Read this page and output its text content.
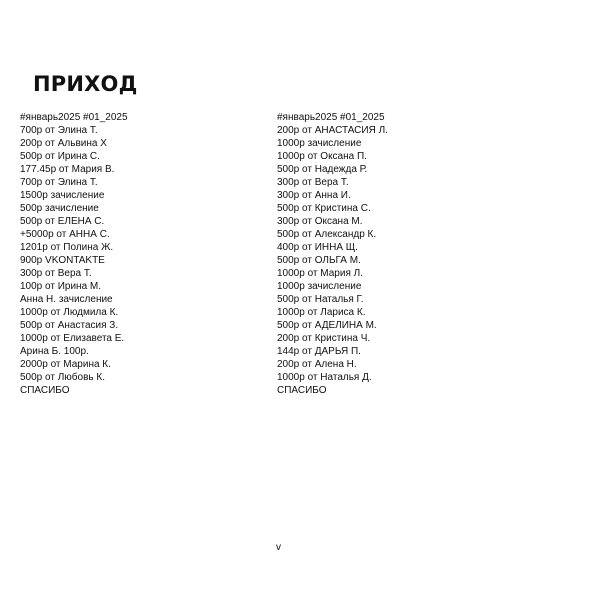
ПРИХОД
#январь2025 #01_2025
700р от Элина Т.
200р от Альвина Х
500р от Ирина С.
177.45р от Мария В.
700р от Элина Т.
1500р зачисление
500р зачисление
500р от ЕЛЕНА С.
+5000р от АННА С.
1201р от Полина Ж.
900р VKONTAKTE
300р от Вера Т.
100р от Ирина М.
Анна Н. зачисление
1000р от Людмила К.
500р от Анастасия З.
1000р от Елизавета Е.
Арина Б. 100р.
2000р от Марина К.
500р от Любовь К.
СПАСИБО
#январь2025 #01_2025
200р от АНАСТАСИЯ Л.
1000р зачисление
1000р от Оксана П.
500р от Надежда Р.
300р от Вера Т.
300р от Анна И.
500р от Кристина С.
300р от Оксана М.
500р от Александр К.
400р от ИННА Щ.
500р от ОЛЬГА М.
1000р от Мария Л.
1000р зачисление
500р от Наталья Г.
1000р от Лариса К.
500р от АДЕЛИНА М.
200р от Кристина Ч.
144р от ДАРЬЯ П.
200р от Алена Н.
1000р от Наталья Д.
СПАСИБО
v
